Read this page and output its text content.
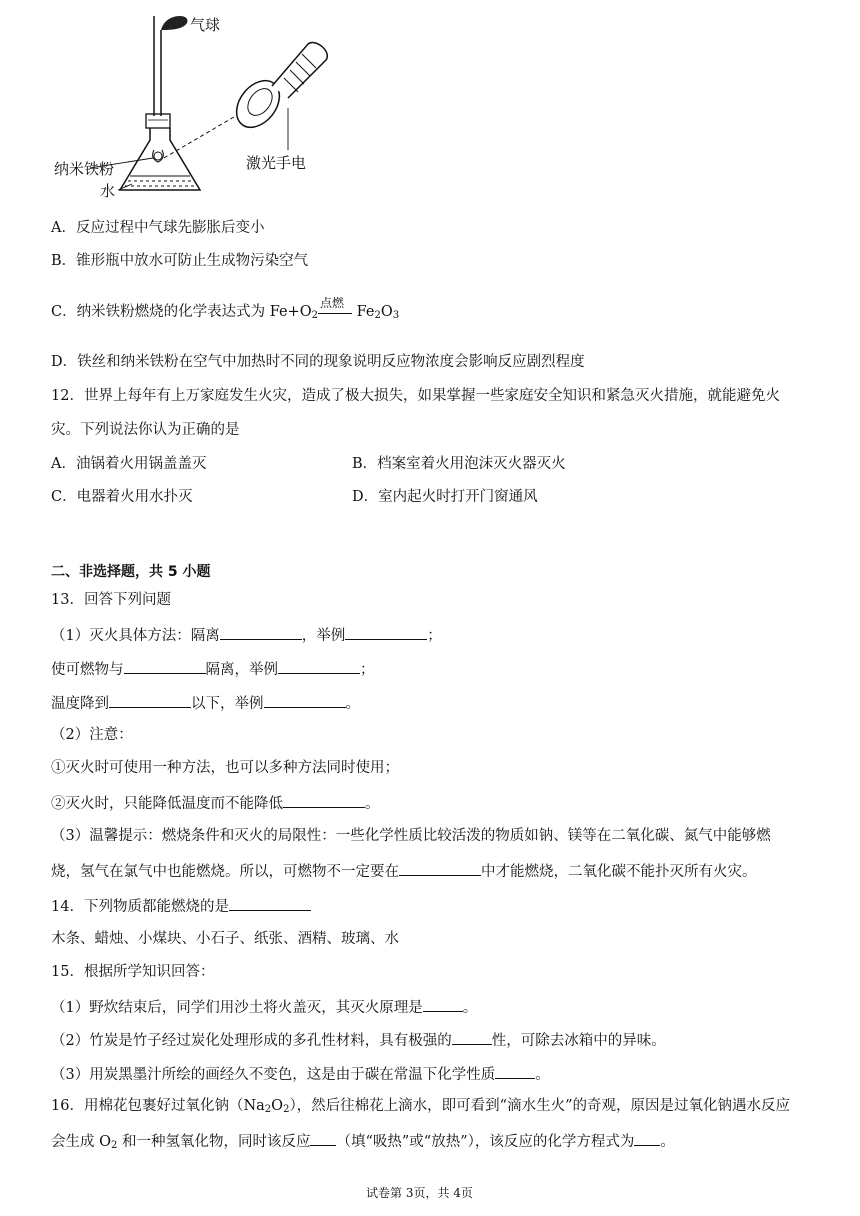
气球
纳米铁粉
水
激光手电
A．反应过程中气球先膨胀后变小
B．锥形瓶中放水可防止生成物污染空气
C．纳米铁粉燃烧的化学表达式为 $Fe+O_2$
点燃
$Fe_2O_3$
D．铁丝和纳米铁粉在空气中加热时不同的现象说明反应物浓度会影响反应剧烈程度
12．世界上每年有上万家庭发生火灾，造成了极大损失，如果掌握一些家庭安全知识和紧急灭火措施，就能避免火
灾。下列说法你认为正确的是
A．油锅着火用锅盖盖灭	B．档案室着火用泡沫灭火器灭火
C．电器着火用水扑灭	D．室内起火时打开门窗通风
二、非选择题，共 5 小题
13．回答下列问题
（1）灭火具体方法：隔离	，举例	；
使可燃物与	隔离，举例	；
温度降到	以下，举例	。
（2）注意：
①灭火时可使用一种方法，也可以多种方法同时使用；
②灭火时，只能降低温度而不能降低	。
（3）温馨提示：燃烧条件和灭火的局限性：一些化学性质比较活泼的物质如钠、镁等在二氧化碳、氮气中能够燃
烧，氢气在氯气中也能燃烧。所以，可燃物不一定要在	中才能燃烧，二氧化碳不能扑灭所有火灾。
14．下列物质都能燃烧的是
木条、蜡烛、小煤块、小石子、纸张、酒精、玻璃、水
15．根据所学知识回答：
（1）野炊结束后，同学们用沙土将火盖灭，其灭火原理是	。
（2）竹炭是竹子经过炭化处理形成的多孔性材料，具有极强的	性，可除去冰箱中的异味。
（3）用炭黑墨汁所绘的画经久不变色，这是由于碳在常温下化学性质	。
16．用棉花包裹好过氧化钠$(Na_2O_2)$，然后往棉花上滴水，即可看到“滴水生火”的奇观，原因是过氧化钠遇水反应
会生成 $O_2$ 和一种氢氧化物，同时该反应 （填“吸热”或“放热”），该反应的化学方程式为 。
试卷第 3页，共 4页
